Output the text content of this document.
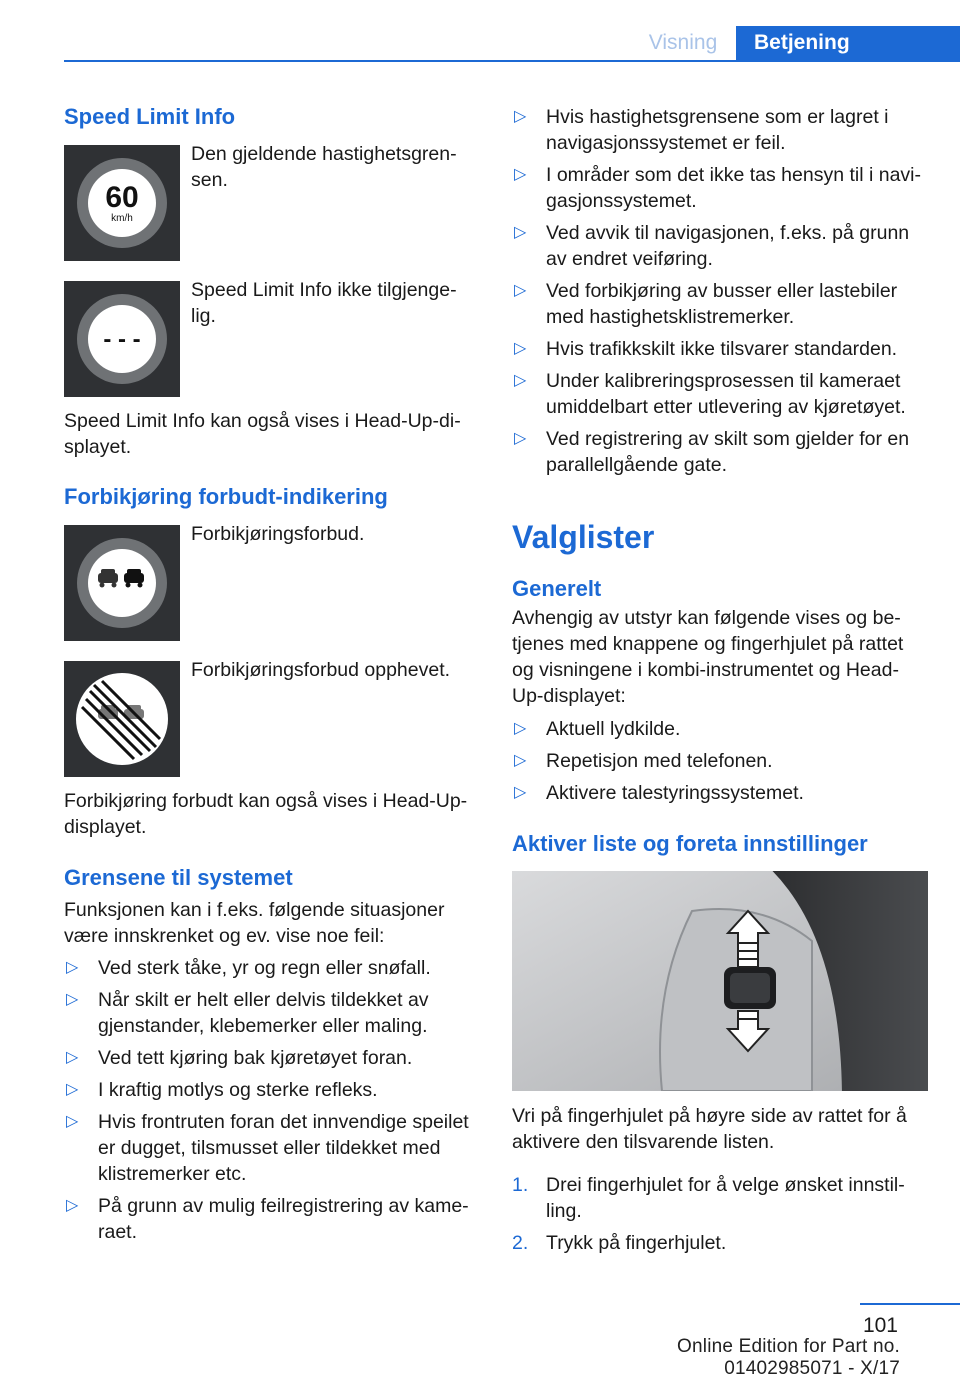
Visning	Betjening
Speed Limit Info
60
km/h
Den gjeldende hastighetsgren-
sen.
- - -
Speed Limit Info ikke tilgjenge-
lig.

Speed Limit Info kan også vises i Head-Up-di-
splayet.

Forbikjøring forbudt-indikering
Forbikjøringsforbud.
Forbikjøringsforbud opphevet.

Forbikjøring forbudt kan også vises i Head-Up-
displayet.

Grensene til systemet

Funksjonen kan i f.eks. følgende situasjoner
være innskrenket og ev. vise noe feil:

▷ Ved sterk tåke, yr og regn eller snøfall.
▷ Når skilt er helt eller delvis tildekket av
gjenstander, klebemerker eller maling.
▷ Ved tett kjøring bak kjøretøyet foran.
▷ I kraftig motlys og sterke refleks.
▷ Hvis frontruten foran det innvendige speilet
er dugget, tilsmusset eller tildekket med
klistremerker etc.
▷ På grunn av mulig feilregistrering av kame-
raet.
▷ Hvis hastighetsgrensene som er lagret i
navigasjonssystemet er feil.
▷ I områder som det ikke tas hensyn til i navi-
gasjonssystemet.
▷ Ved avvik til navigasjonen, f.eks. på grunn
av endret veiføring.
▷ Ved forbikjøring av busser eller lastebiler
med hastighetsklistremerker.
▷ Hvis trafikkskilt ikke tilsvarer standarden.
▷ Under kalibreringsprosessen til kameraet
umiddelbart etter utlevering av kjøretøyet.
▷ Ved registrering av skilt som gjelder for en
parallellgående gate.
Valglister
Generelt

Avhengig av utstyr kan følgende vises og be-
tjenes med knappene og fingerhjulet på rattet
og visningene i kombi-instrumentet og Head-
Up-displayet:

▷ Aktuell lydkilde.
▷ Repetisjon med telefonen.
▷ Aktivere talestyringssystemet.
Aktiver liste og foreta innstillinger

Vri på fingerhjulet på høyre side av rattet for å
aktivere den tilsvarende listen.

1. Drei fingerhjulet for å velge ønsket innstil-
ling.
2. Trykk på fingerhjulet.
101
Online Edition for Part no. 01402985071 - X/17
